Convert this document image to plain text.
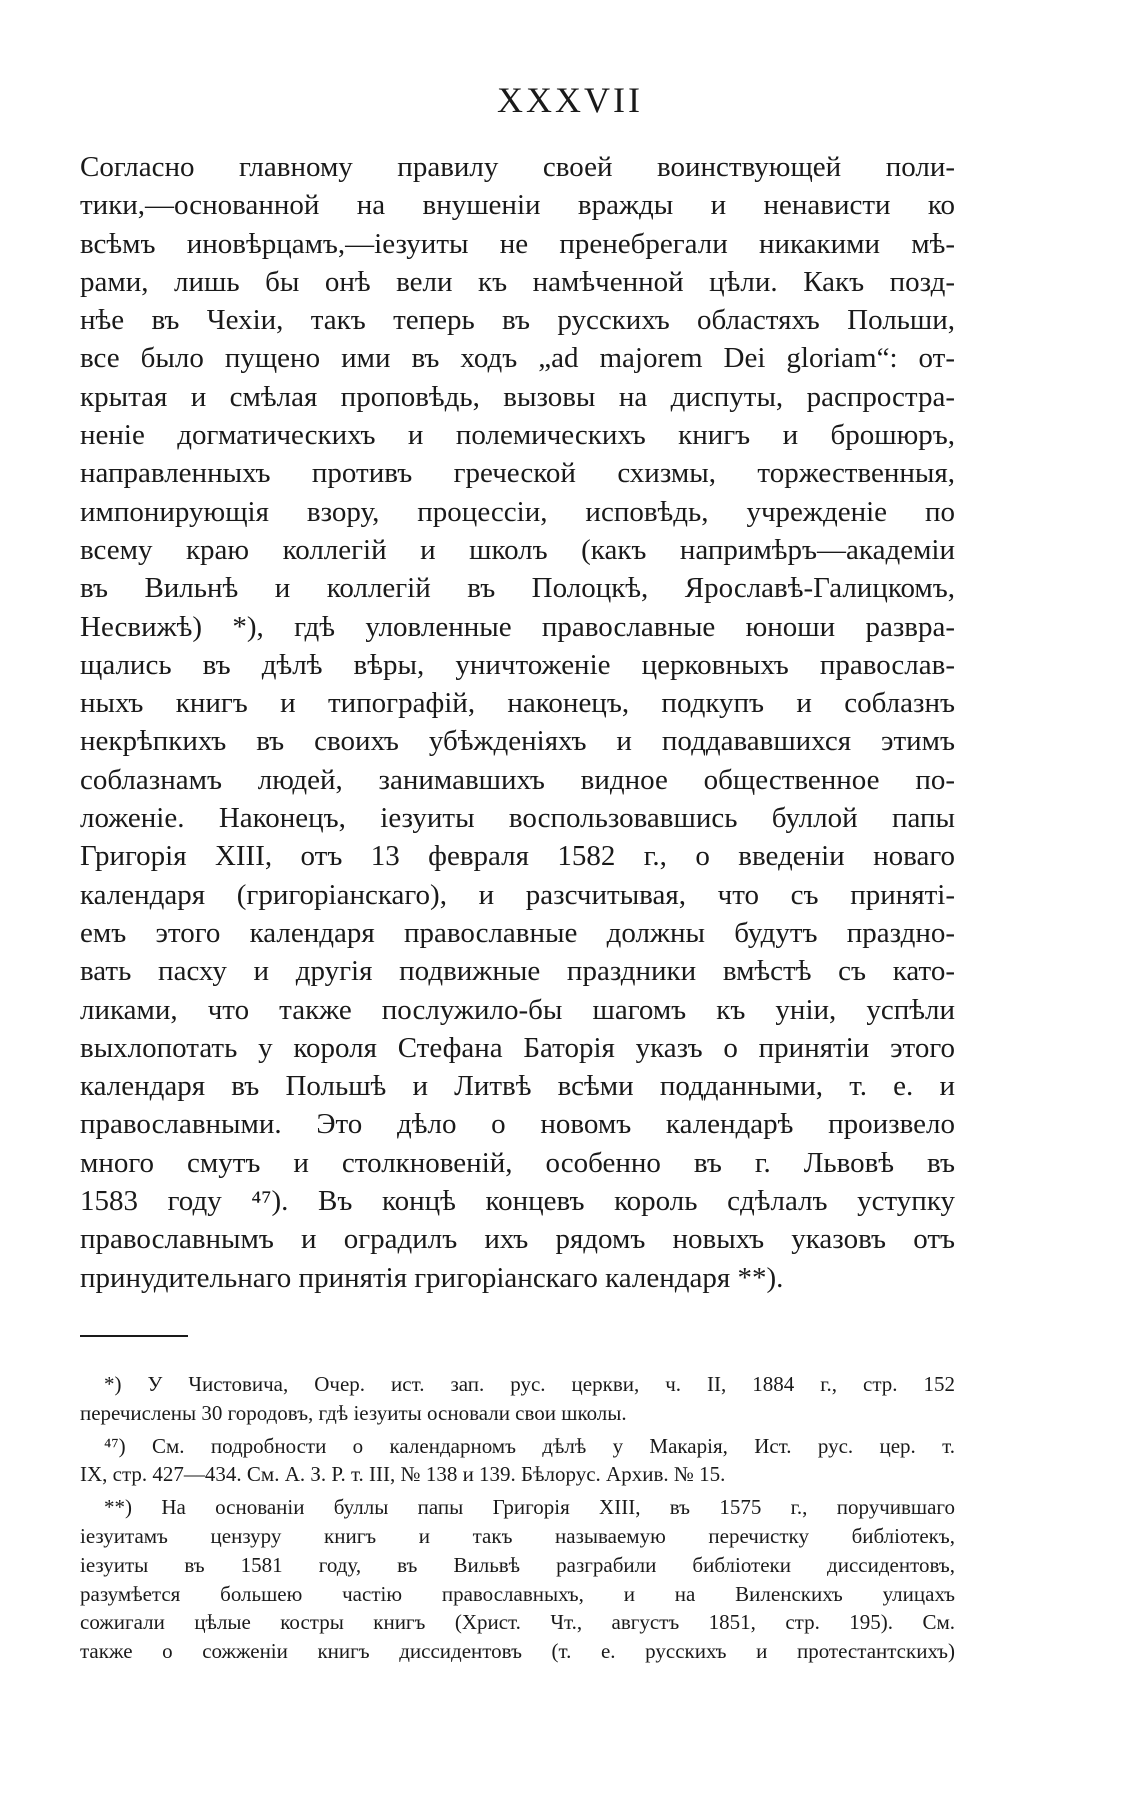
XXXVII
Согласно главному правилу своей воинствующей поли-
тики,—основанной на внушеніи вражды и ненависти ко
всѣмъ иновѣрцамъ,—іезуиты не пренебрегали никакими мѣ-
рами, лишь бы онѣ вели къ намѣченной цѣли. Какъ позд-
нѣе въ Чехіи, такъ теперь въ русскихъ областяхъ Польши,
все было пущено ими въ ходъ „ad majorem Dei gloriam“: от-
крытая и смѣлая проповѣдь, вызовы на диспуты, распростра-
неніе догматическихъ и полемическихъ книгъ и брошюръ,
направленныхъ противъ греческой схизмы, торжественныя,
импонирующія взору, процессіи, исповѣдь, учрежденіе по
всему краю коллегій и школъ (какъ напримѣръ—академіи
въ Вильнѣ и коллегій въ Полоцкѣ, Ярославѣ-Галицкомъ,
Несвижѣ) *), гдѣ уловленные православные юноши развра-
щались въ дѣлѣ вѣры, уничтоженіе церковныхъ православ-
ныхъ книгъ и типографій, наконецъ, подкупъ и соблазнъ
некрѣпкихъ въ своихъ убѣжденіяхъ и поддававшихся этимъ
соблазнамъ людей, занимавшихъ видное общественное по-
ложеніе. Наконецъ, іезуиты воспользовавшись буллой папы
Григорія XIII, отъ 13 февраля 1582 г., о введеніи новаго
календаря (григоріанскаго), и разсчитывая, что съ приняті-
емъ этого календаря православные должны будутъ праздно-
вать пасху и другія подвижные праздники вмѣстѣ съ като-
ликами, что также послужило-бы шагомъ къ уніи, успѣли
выхлопотать у короля Стефана Баторія указъ о принятіи этого
календаря въ Польшѣ и Литвѣ всѣми подданными, т. е. и
православными. Это дѣло о новомъ календарѣ произвело
много смутъ и столкновеній, особенно въ г. Львовѣ въ
1583 году ⁴⁷). Въ концѣ концевъ король сдѣлалъ уступку
православнымъ и оградилъ ихъ рядомъ новыхъ указовъ отъ
принудительнаго принятія григоріанскаго календаря **).
*) У Чистовича, Очер. ист. зап. рус. церкви, ч. II, 1884 г., стр. 152
перечислены 30 городовъ, гдѣ іезуиты основали свои школы.
⁴⁷) См. подробности о календарномъ дѣлѣ у Макарія, Ист. рус. цер. т.
IX, стр. 427—434. См. А. З. Р. т. III, № 138 и 139. Бѣлорус. Архив. № 15.
**) На основаніи буллы папы Григорія XIII, въ 1575 г., поручившаго
іезуитамъ цензуру книгъ и такъ называемую перечистку библіотекъ,
іезуиты въ 1581 году, въ Вильвѣ разграбили библіотеки диссидентовъ,
разумѣется большею частію православныхъ, и на Виленскихъ улицахъ
сожигали цѣлые костры книгъ (Христ. Чт., августъ 1851, стр. 195). См.
также о сожженіи книгъ диссидентовъ (т. е. русскихъ и протестантскихъ)
